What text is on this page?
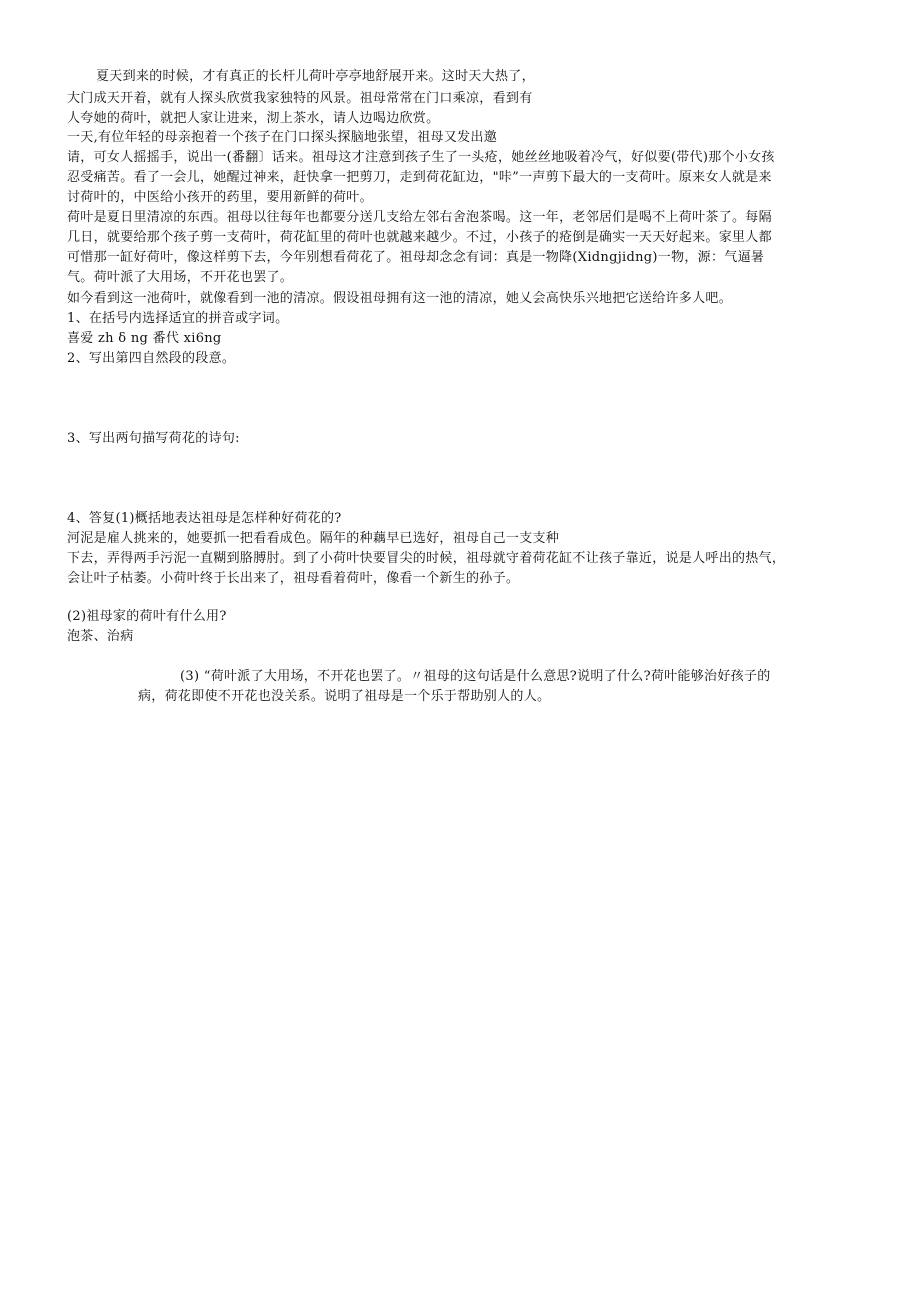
夏天到来的时候，才有真正的长杆儿荷叶亭亭地舒展开来。这时天大热了，
大门成天开着，就有人探头欣赏我家独特的风景。祖母常常在门口乘凉，看到有
人夸她的荷叶，就把人家让进来，沏上茶水，请人边喝边欣赏。
一天,有位年轻的母亲抱着一个孩子在门口探头探脑地张望，祖母又发出邀
请，可女人摇摇手，说出一(番翻〕话来。祖母这才注意到孩子生了一头疮，她丝丝地吸着冷气，好似要(带代)那个小女孩
忍受痛苦。看了一会儿，她醒过神来，赶快拿一把剪刀，走到荷花缸边，"咔”一声剪下最大的一支荷叶。原来女人就是来
讨荷叶的，中医给小孩开的药里，要用新鲜的荷叶。
荷叶是夏日里清凉的东西。祖母以往每年也都要分送几支给左邻右舍泡茶喝。这一年，老邻居们是喝不上荷叶茶了。每隔
几日，就要给那个孩子剪一支荷叶，荷花缸里的荷叶也就越来越少。不过，小孩子的疮倒是确实一天天好起来。家里人都
可惜那一缸好荷叶，像这样剪下去，今年别想看荷花了。祖母却念念有词：真是一物降(Xidngjidng)一物，源：气逼暑
气。荷叶派了大用场，不开花也罢了。
如今看到这一池荷叶，就像看到一池的清凉。假设祖母拥有这一池的清凉，她乂会高快乐兴地把它送给许多人吧。
1、在括号内选择适宜的拼音或字词。
喜爱 zh δ ng 番代 xi6ng
2、写出第四自然段的段意。
3、写出两句描写荷花的诗句:
4、答复(1)概括地表达祖母是怎样种好荷花的?
河泥是雇人挑来的，她要抓一把看看成色。隔年的种藕早已选好，祖母自己一支支种
下去，弄得两手污泥一直糊到胳膊肘。到了小荷叶快要冒尖的时候，祖母就守着荷花缸不让孩子靠近，说是人呼出的热气，
会让叶子枯萎。小荷叶终于长出来了，祖母看着荷叶，像看一个新生的孙子。
(2)祖母家的荷叶有什么用?
泡茶、治病
(3) “荷叶派了大用场，不开花也罢了。〃祖母的这句话是什么意思?说明了什么?荷叶能够治好孩子的
病，荷花即使不开花也没关系。说明了祖母是一个乐于帮助别人的人。
